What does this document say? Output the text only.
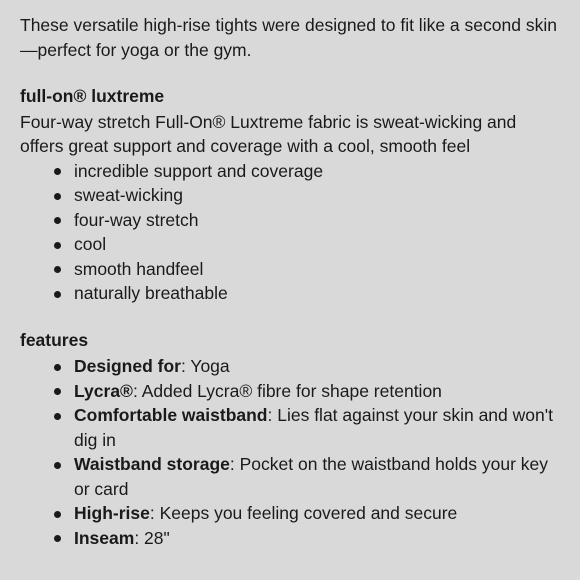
These versatile high-rise tights were designed to fit like a second skin—perfect for yoga or the gym.

full-on® luxtreme

Four-way stretch Full-On® Luxtreme fabric is sweat-wicking and offers great support and coverage with a cool, smooth feel

incredible support and coverage
sweat-wicking
four-way stretch
cool
smooth handfeel
naturally breathable
features
Designed for: Yoga
Lycra®: Added Lycra® fibre for shape retention
Comfortable waistband: Lies flat against your skin and won't dig in
Waistband storage: Pocket on the waistband holds your key or card
High-rise: Keeps you feeling covered and secure
Inseam: 28"
